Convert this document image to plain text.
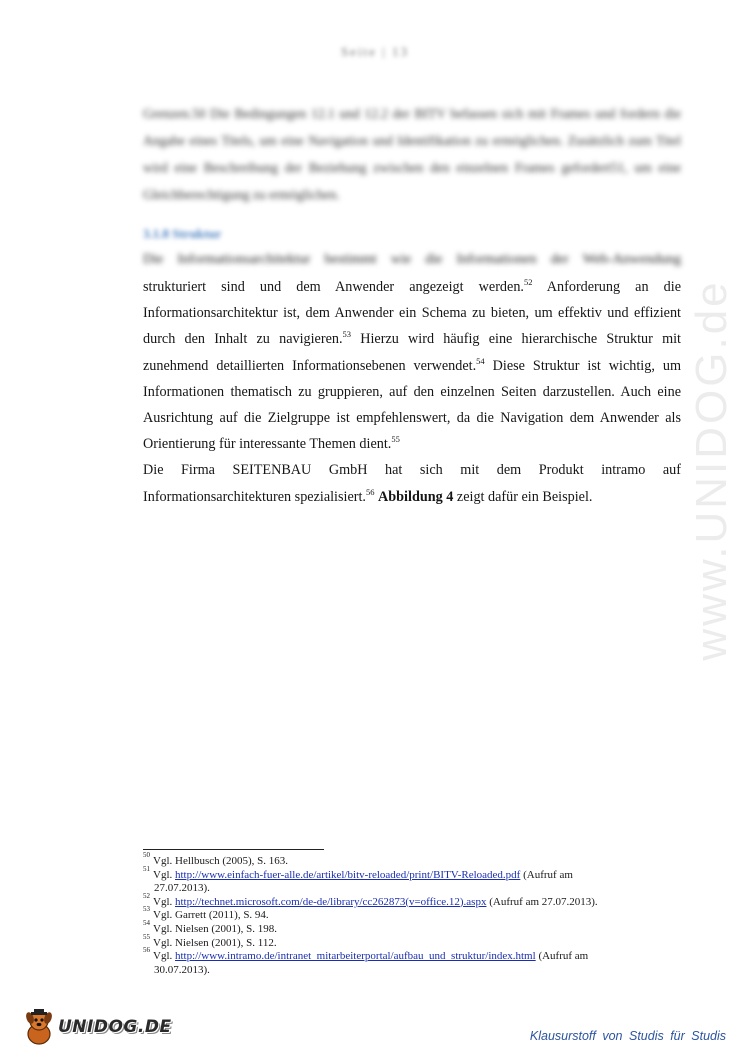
Seite | 13
Grenzen.50 Die Bedingungen 12.1 und 12.2 der BITV befassen sich mit Frames und fordern die Angabe eines Titels, um eine Navigation und Identifikation zu ermöglichen. Zusätzlich zum Titel wird eine Beschreibung der Beziehung zwischen den einzelnen Frames gefordert51, um eine Gleichberechtigung zu ermöglichen.
3.1.8 Struktur
Die Informationsarchitektur bestimmt wie die Informationen der Web-Anwendung

strukturiert sind und dem Anwender angezeigt werden.$^{52}$ Anforderung an die Informationsarchitektur ist, dem Anwender ein Schema zu bieten, um effektiv und effizient durch den Inhalt zu navigieren.$^{53}$ Hierzu wird häufig eine hierarchische Struktur mit zunehmend detaillierten Informationsebenen verwendet.$^{54}$ Diese Struktur ist wichtig, um Informationen thematisch zu gruppieren, auf den einzelnen Seiten darzustellen. Auch eine Ausrichtung auf die Zielgruppe ist empfehlenswert, da die Navigation dem Anwender als Orientierung für interessante Themen dient.$^{55}$

Die Firma SEITENBAU GmbH hat sich mit dem Produkt intramo auf Informationsarchitekturen spezialisiert.$^{56}$ Abbildung 4 zeigt dafür ein Beispiel.

50 Vgl. Hellbusch (2005), S. 163.
51 Vgl. http://www.einfach-fuer-alle.de/artikel/bitv-reloaded/print/BITV-Reloaded.pdf (Aufruf am
27.07.2013).
52 Vgl. http://technet.microsoft.com/de-de/library/cc262873(v=office.12).aspx (Aufruf am 27.07.2013).
53 Vgl. Garrett (2011), S. 94.
54 Vgl. Nielsen (2001), S. 198.
55 Vgl. Nielsen (2001), S. 112.
56 Vgl. http://www.intramo.de/intranet_mitarbeiterportal/aufbau_und_struktur/index.html (Aufruf am
30.07.2013).
www.UNIDOG.de
UNIDOG.DE	Klausurstoff von Studis für Studis
